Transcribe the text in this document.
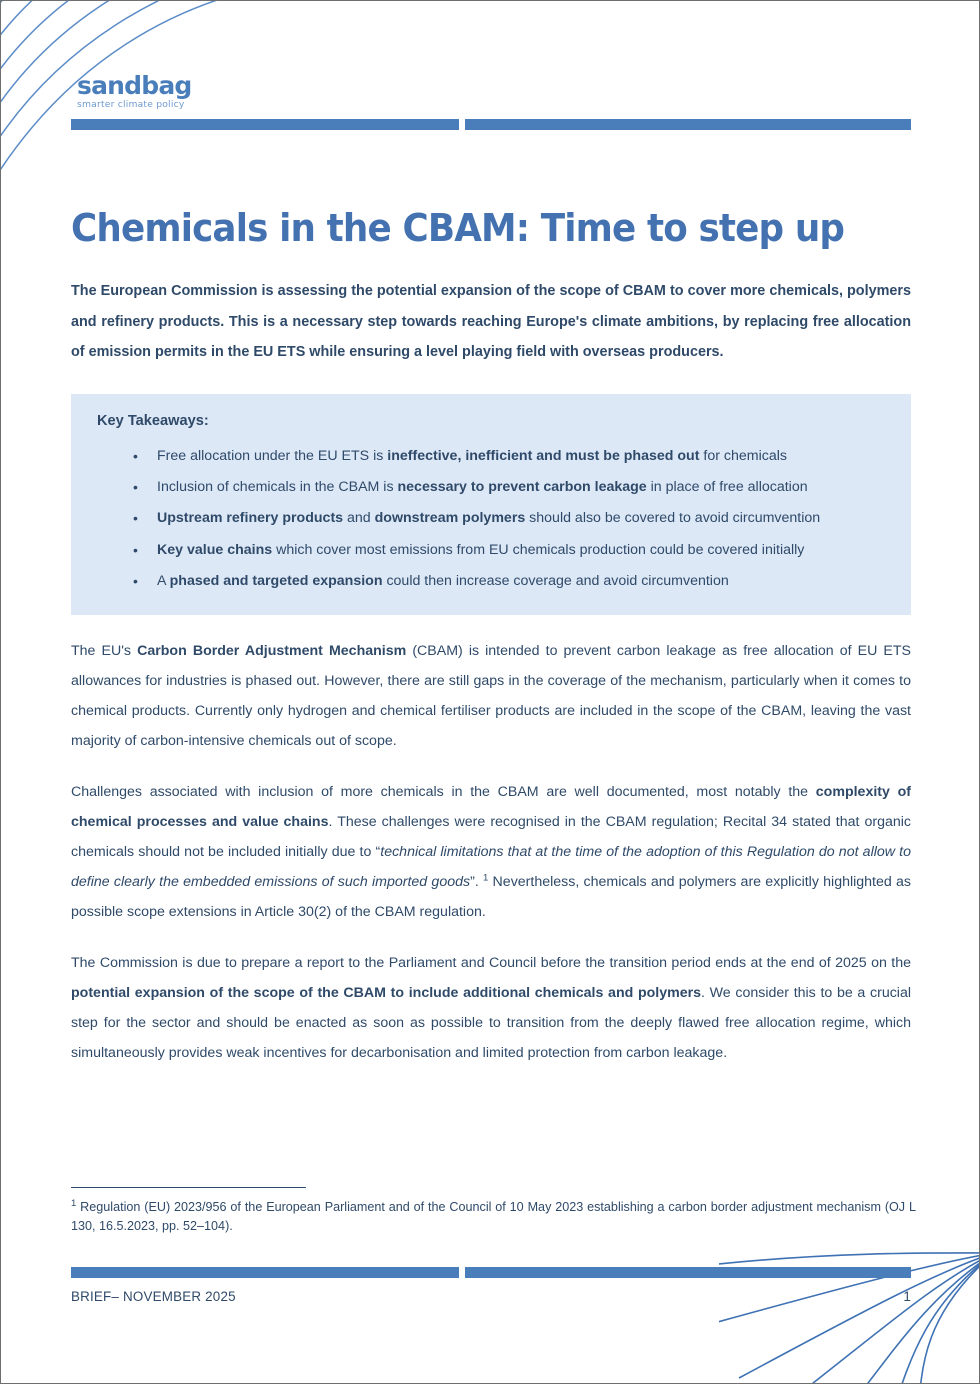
sandbag
smarter climate policy
Chemicals in the CBAM: Time to step up

The European Commission is assessing the potential expansion of the scope of CBAM to cover more chemicals, polymers and refinery products. This is a necessary step towards reaching Europe's climate ambitions, by replacing free allocation of emission permits in the EU ETS while ensuring a level playing field with overseas producers.

Key Takeaways:
• Free allocation under the EU ETS is ineffective, inefficient and must be phased out for chemicals
• Inclusion of chemicals in the CBAM is necessary to prevent carbon leakage in place of free allocation
• Upstream refinery products and downstream polymers should also be covered to avoid circumvention
• Key value chains which cover most emissions from EU chemicals production could be covered initially
• A phased and targeted expansion could then increase coverage and avoid circumvention

The EU's Carbon Border Adjustment Mechanism (CBAM) is intended to prevent carbon leakage as free allocation of EU ETS allowances for industries is phased out. However, there are still gaps in the coverage of the mechanism, particularly when it comes to chemical products. Currently only hydrogen and chemical fertiliser products are included in the scope of the CBAM, leaving the vast majority of carbon-intensive chemicals out of scope.

Challenges associated with inclusion of more chemicals in the CBAM are well documented, most notably the complexity of chemical processes and value chains. These challenges were recognised in the CBAM regulation; Recital 34 stated that organic chemicals should not be included initially due to “technical limitations that at the time of the adoption of this Regulation do not allow to define clearly the embedded emissions of such imported goods”. $^1$ Nevertheless, chemicals and polymers are explicitly highlighted as possible scope extensions in Article 30(2) of the CBAM regulation.

The Commission is due to prepare a report to the Parliament and Council before the transition period ends at the end of 2025 on the potential expansion of the scope of the CBAM to include additional chemicals and polymers. We consider this to be a crucial step for the sector and should be enacted as soon as possible to transition from the deeply flawed free allocation regime, which simultaneously provides weak incentives for decarbonisation and limited protection from carbon leakage.

$^1$ Regulation (EU) 2023/956 of the European Parliament and of the Council of 10 May 2023 establishing a carbon border adjustment mechanism (OJ L 130, 16.5.2023, pp. 52–104).

BRIEF– NOVEMBER 2025	1
